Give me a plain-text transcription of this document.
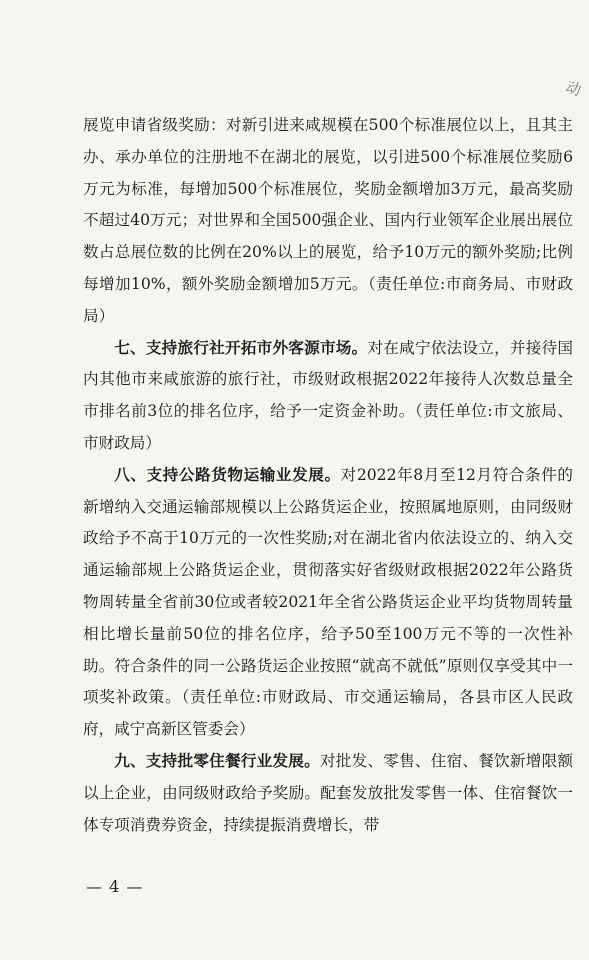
动

展览申请省级奖励：对新引进来咸规模在500个标准展位以上，且其主办、承办单位的注册地不在湖北的展览，以引进500个标准展位奖励6万元为标准，每增加500个标准展位，奖励金额增加3万元，最高奖励不超过40万元；对世界和全国500强企业、国内行业领军企业展出展位数占总展位数的比例在20%以上的展览，给予10万元的额外奖励;比例每增加10%，额外奖励金额增加5万元。（责任单位:市商务局、市财政局）

七、支持旅行社开拓市外客源市场。对在咸宁依法设立，并接待国内其他市来咸旅游的旅行社，市级财政根据2022年接待人次数总量全市排名前3位的排名位序，给予一定资金补助。（责任单位:市文旅局、市财政局）

八、支持公路货物运输业发展。对2022年8月至12月符合条件的新增纳入交通运输部规模以上公路货运企业，按照属地原则，由同级财政给予不高于10万元的一次性奖励;对在湖北省内依法设立的、纳入交通运输部规上公路货运企业，贯彻落实好省级财政根据2022年公路货物周转量全省前30位或者较2021年全省公路货运企业平均货物周转量相比增长量前50位的排名位序，给予50至100万元不等的一次性补助。符合条件的同一公路货运企业按照“就高不就低”原则仅享受其中一项奖补政策。（责任单位:市财政局、市交通运输局，各县市区人民政府，咸宁高新区管委会）

九、支持批零住餐行业发展。对批发、零售、住宿、餐饮新增限额以上企业，由同级财政给予奖励。配套发放批发零售一体、住宿餐饮一体专项消费券资金，持续提振消费增长，带

— 4 —
